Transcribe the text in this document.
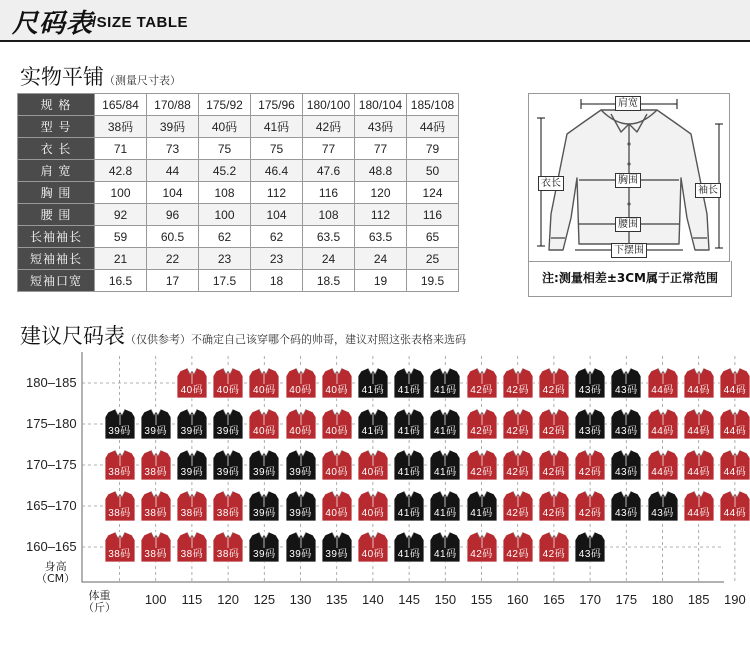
尺码表
/SIZE TABLE
实物平铺（测量尺寸表）
规 格	165/84	170/88	175/92	175/96	180/100	180/104	185/108
型 号	38码	39码	40码	41码	42码	43码	44码
衣 长	71	73	75	75	77	77	79
肩 宽	42.8	44	45.2	46.4	47.6	48.8	50
胸 围	100	104	108	112	116	120	124
腰 围	92	96	100	104	108	112	116
长袖袖长	59	60.5	62	62	63.5	63.5	65
短袖袖长	21	22	23	23	24	24	25
短袖口宽	16.5	17	17.5	18	18.5	19	19.5
肩宽
胸围
腰围
下摆围
衣长
袖长
注:测量相差±3CM属于正常范围
建议尺码表（仅供参考）不确定自己该穿哪个码的帅哥，建议对照这张表格来选码
身高
（CM）
体重
（斤）
180–185
175–180
170–175
165–170
160–165
100 115 120 125 130 135 140 145 150 155 160 165 170 175 180 185 190
40码	40码	40码	40码	40码	41码	41码	41码	42码	42码	42码	43码	43码	44码	44码	44码
39码	39码	39码	39码	40码	40码	40码	41码	41码	41码	42码	42码	42码	43码	43码	44码	44码	44码
38码	38码	39码	39码	39码	39码	40码	40码	41码	41码	42码	42码	42码	42码	43码	44码	44码	44码
38码	38码	38码	38码	39码	39码	40码	40码	41码	41码	41码	42码	42码	42码	43码	43码	44码	44码
38码	38码	38码	38码	39码	39码	39码	40码	41码	41码	42码	42码	42码	43码
